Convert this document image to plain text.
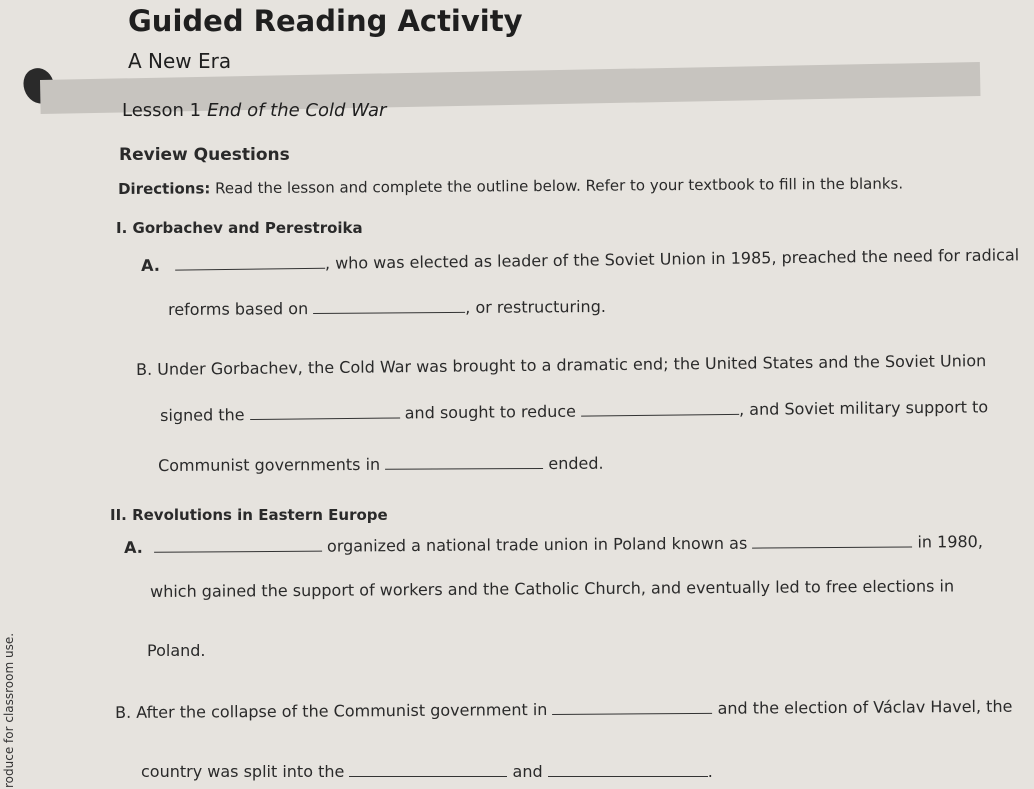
Guided Reading Activity
A New Era
Lesson 1 End of the Cold War
Review Questions
Directions: Read the lesson and complete the outline below. Refer to your textbook to fill in the blanks.
I. Gorbachev and Perestroika
A.	, who was elected as leader of the Soviet Union in 1985, preached the need for radical
reforms based on	, or restructuring.
B. Under Gorbachev, the Cold War was brought to a dramatic end; the United States and the Soviet Union
signed the	and sought to reduce	, and Soviet military support to
Communist governments in	ended.
II. Revolutions in Eastern Europe
A.	organized a national trade union in Poland known as	in 1980,
which gained the support of workers and the Catholic Church, and eventually led to free elections in
Poland.
B. After the collapse of the Communist government in	and the election of Václav Havel, the
country was split into the	and	.
roduce for classroom use.
